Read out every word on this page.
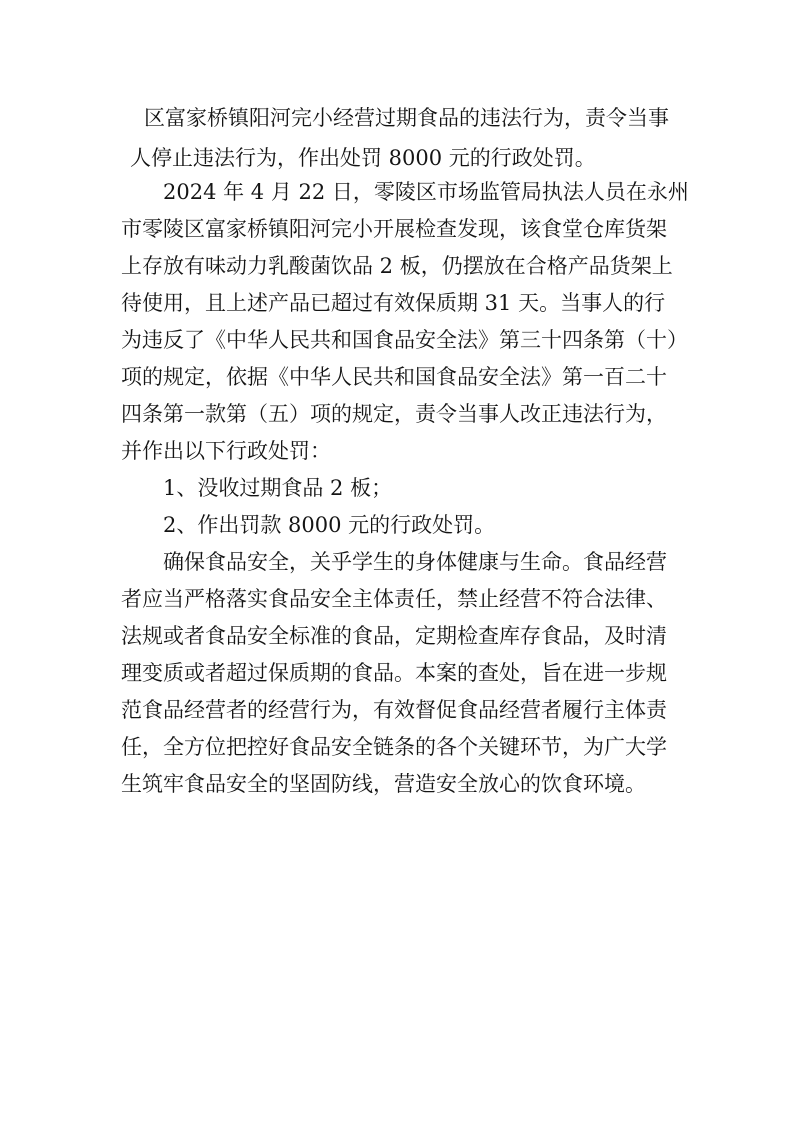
区富家桥镇阳河完小经营过期食品的违法行为，责令当事

人停止违法行为，作出处罚 8000 元的行政处罚。

2024 年 4 月 22 日，零陵区市场监管局执法人员在永州

市零陵区富家桥镇阳河完小开展检查发现，该食堂仓库货架

上存放有味动力乳酸菌饮品 2 板，仍摆放在合格产品货架上

待使用，且上述产品已超过有效保质期 31 天。当事人的行

为违反了《中华人民共和国食品安全法》第三十四条第（十）

项的规定，依据《中华人民共和国食品安全法》第一百二十

四条第一款第（五）项的规定，责令当事人改正违法行为，

并作出以下行政处罚：

1、没收过期食品 2 板；

2、作出罚款 8000 元的行政处罚。

确保食品安全，关乎学生的身体健康与生命。食品经营

者应当严格落实食品安全主体责任，禁止经营不符合法律、

法规或者食品安全标准的食品，定期检查库存食品，及时清

理变质或者超过保质期的食品。本案的查处，旨在进一步规

范食品经营者的经营行为，有效督促食品经营者履行主体责

任，全方位把控好食品安全链条的各个关键环节，为广大学

生筑牢食品安全的坚固防线，营造安全放心的饮食环境。
